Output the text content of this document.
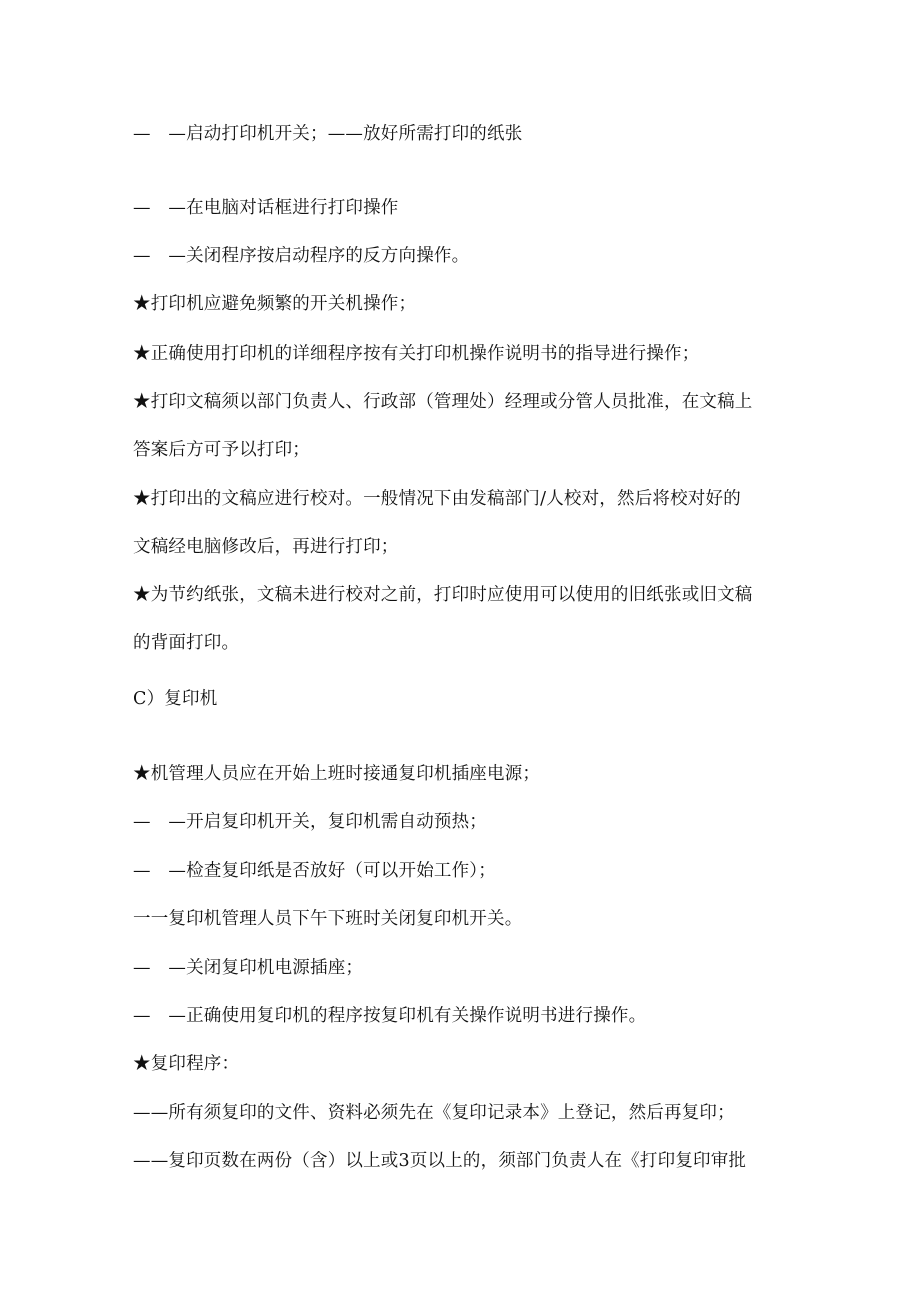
—　—启动打印机开关；——放好所需打印的纸张
—　—在电脑对话框进行打印操作
—　—关闭程序按启动程序的反方向操作。
★打印机应避免频繁的开关机操作；
★正确使用打印机的详细程序按有关打印机操作说明书的指导进行操作；
★打印文稿须以部门负责人、行政部（管理处）经理或分管人员批准，在文稿上
答案后方可予以打印；
★打印出的文稿应进行校对。一般情况下由发稿部门/人校对，然后将校对好的
文稿经电脑修改后，再进行打印；
★为节约纸张，文稿未进行校对之前，打印时应使用可以使用的旧纸张或旧文稿
的背面打印。
C）复印机
★机管理人员应在开始上班时接通复印机插座电源；
—　—开启复印机开关，复印机需自动预热；
—　—检查复印纸是否放好（可以开始工作）；
一一复印机管理人员下午下班时关闭复印机开关。
—　—关闭复印机电源插座；
—　—正确使用复印机的程序按复印机有关操作说明书进行操作。
★复印程序：
——所有须复印的文件、资料必须先在《复印记录本》上登记，然后再复印；
——复印页数在两份（含）以上或3页以上的，须部门负责人在《打印复印审批
